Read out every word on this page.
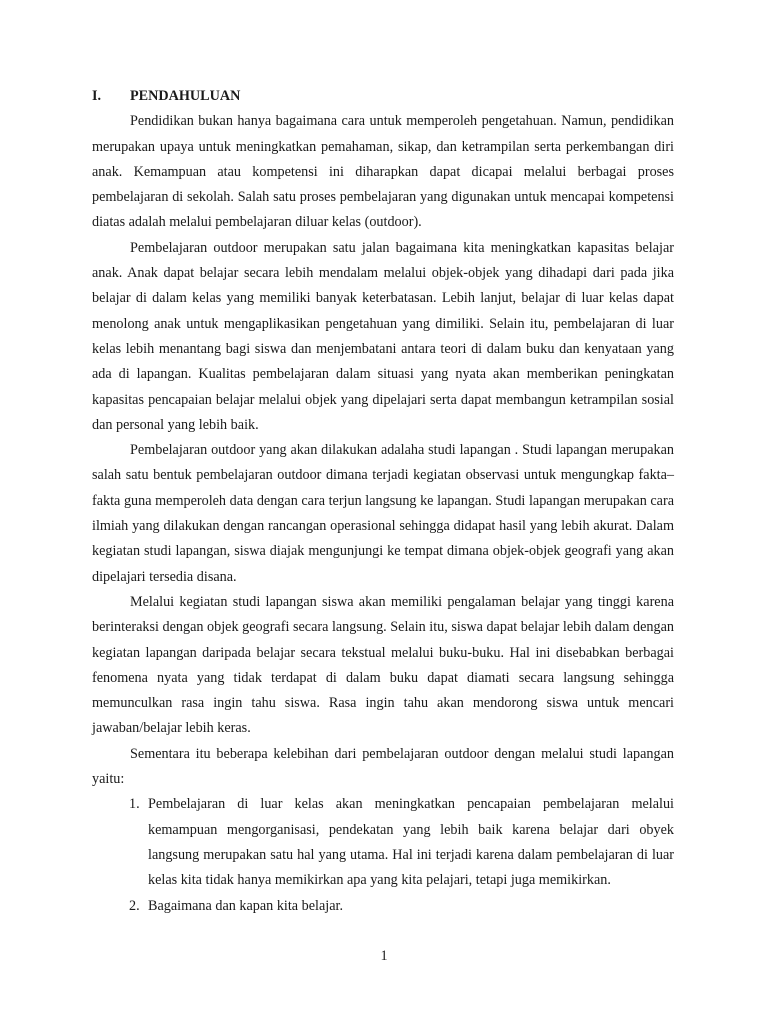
I.	PENDAHULUAN

Pendidikan bukan hanya bagaimana cara untuk memperoleh pengetahuan. Namun, pendidikan merupakan upaya untuk meningkatkan pemahaman, sikap, dan ketrampilan serta perkembangan diri anak. Kemampuan atau kompetensi ini diharapkan dapat dicapai melalui berbagai proses pembelajaran di sekolah. Salah satu proses pembelajaran yang digunakan untuk mencapai kompetensi diatas adalah melalui pembelajaran diluar kelas (outdoor).

Pembelajaran outdoor merupakan satu jalan bagaimana kita meningkatkan kapasitas belajar anak. Anak dapat belajar secara lebih mendalam melalui objek-objek yang dihadapi dari pada jika belajar di dalam kelas yang memiliki banyak keterbatasan. Lebih lanjut, belajar di luar kelas dapat menolong anak untuk mengaplikasikan pengetahuan yang dimiliki. Selain itu, pembelajaran di luar kelas lebih menantang bagi siswa dan menjembatani antara teori di dalam buku dan kenyataan yang ada di lapangan. Kualitas pembelajaran dalam situasi yang nyata akan memberikan peningkatan kapasitas pencapaian belajar melalui objek yang dipelajari serta dapat membangun ketrampilan sosial dan personal yang lebih baik.

Pembelajaran outdoor yang akan dilakukan adalaha studi lapangan . Studi lapangan merupakan salah satu bentuk pembelajaran outdoor dimana terjadi kegiatan observasi untuk mengungkap fakta–fakta guna memperoleh data dengan cara terjun langsung ke lapangan. Studi lapangan merupakan cara ilmiah yang dilakukan dengan rancangan operasional sehingga didapat hasil yang lebih akurat. Dalam kegiatan studi lapangan, siswa diajak mengunjungi ke tempat dimana objek-objek geografi yang akan dipelajari tersedia disana.

Melalui kegiatan studi lapangan siswa akan memiliki pengalaman belajar yang tinggi karena berinteraksi dengan objek geografi secara langsung. Selain itu, siswa dapat belajar lebih dalam dengan kegiatan lapangan daripada belajar secara tekstual melalui buku-buku. Hal ini disebabkan berbagai fenomena nyata yang tidak terdapat di dalam buku dapat diamati secara langsung sehingga memunculkan rasa ingin tahu siswa. Rasa ingin tahu akan mendorong siswa untuk mencari jawaban/belajar lebih keras.

Sementara itu beberapa kelebihan dari pembelajaran outdoor dengan melalui studi lapangan yaitu:

1. Pembelajaran di luar kelas akan meningkatkan pencapaian pembelajaran melalui kemampuan mengorganisasi, pendekatan yang lebih baik karena belajar dari obyek langsung merupakan satu hal yang utama. Hal ini terjadi karena dalam pembelajaran di luar kelas kita tidak hanya memikirkan apa yang kita pelajari, tetapi juga memikirkan.
2. Bagaimana dan kapan kita belajar.
1
